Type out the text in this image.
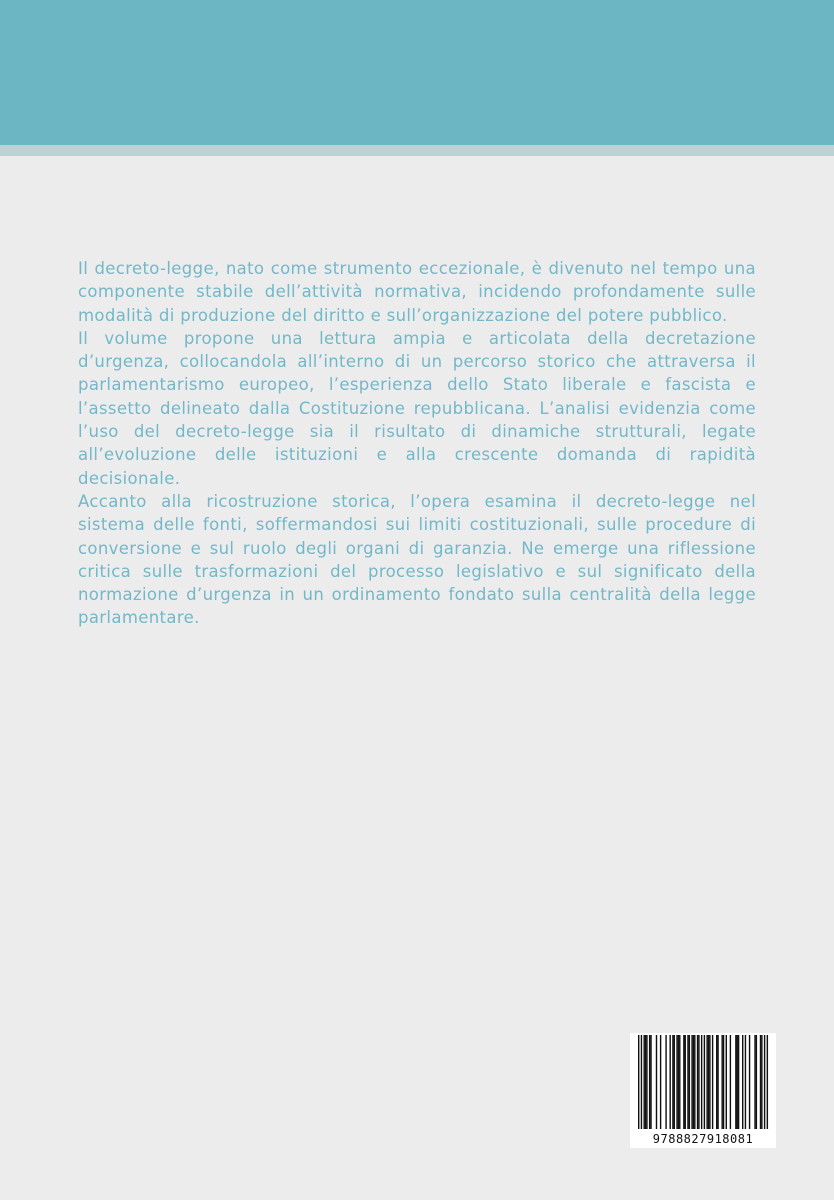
Il decreto-legge, nato come strumento eccezionale, è divenuto nel tempo una componente stabile dell’attività normativa, incidendo profondamente sulle modalità di produzione del diritto e sull’organizzazione del potere pubblico.

Il volume propone una lettura ampia e articolata della decretazione d’urgenza, collocandola all’interno di un percorso storico che attraversa il parlamentarismo europeo, l’esperienza dello Stato liberale e fascista e l’assetto delineato dalla Costituzione repubblicana. L’analisi evidenzia come l’uso del decreto-legge sia il risultato di dinamiche strutturali, legate all’evoluzione delle istituzioni e alla crescente domanda di rapidità decisionale.

Accanto alla ricostruzione storica, l’opera esamina il decreto-legge nel sistema delle fonti, soffermandosi sui limiti costituzionali, sulle procedure di conversione e sul ruolo degli organi di garanzia. Ne emerge una riflessione critica sulle trasformazioni del processo legislativo e sul significato della normazione d’urgenza in un ordinamento fondato sulla centralità della legge parlamentare.

9788827918081
